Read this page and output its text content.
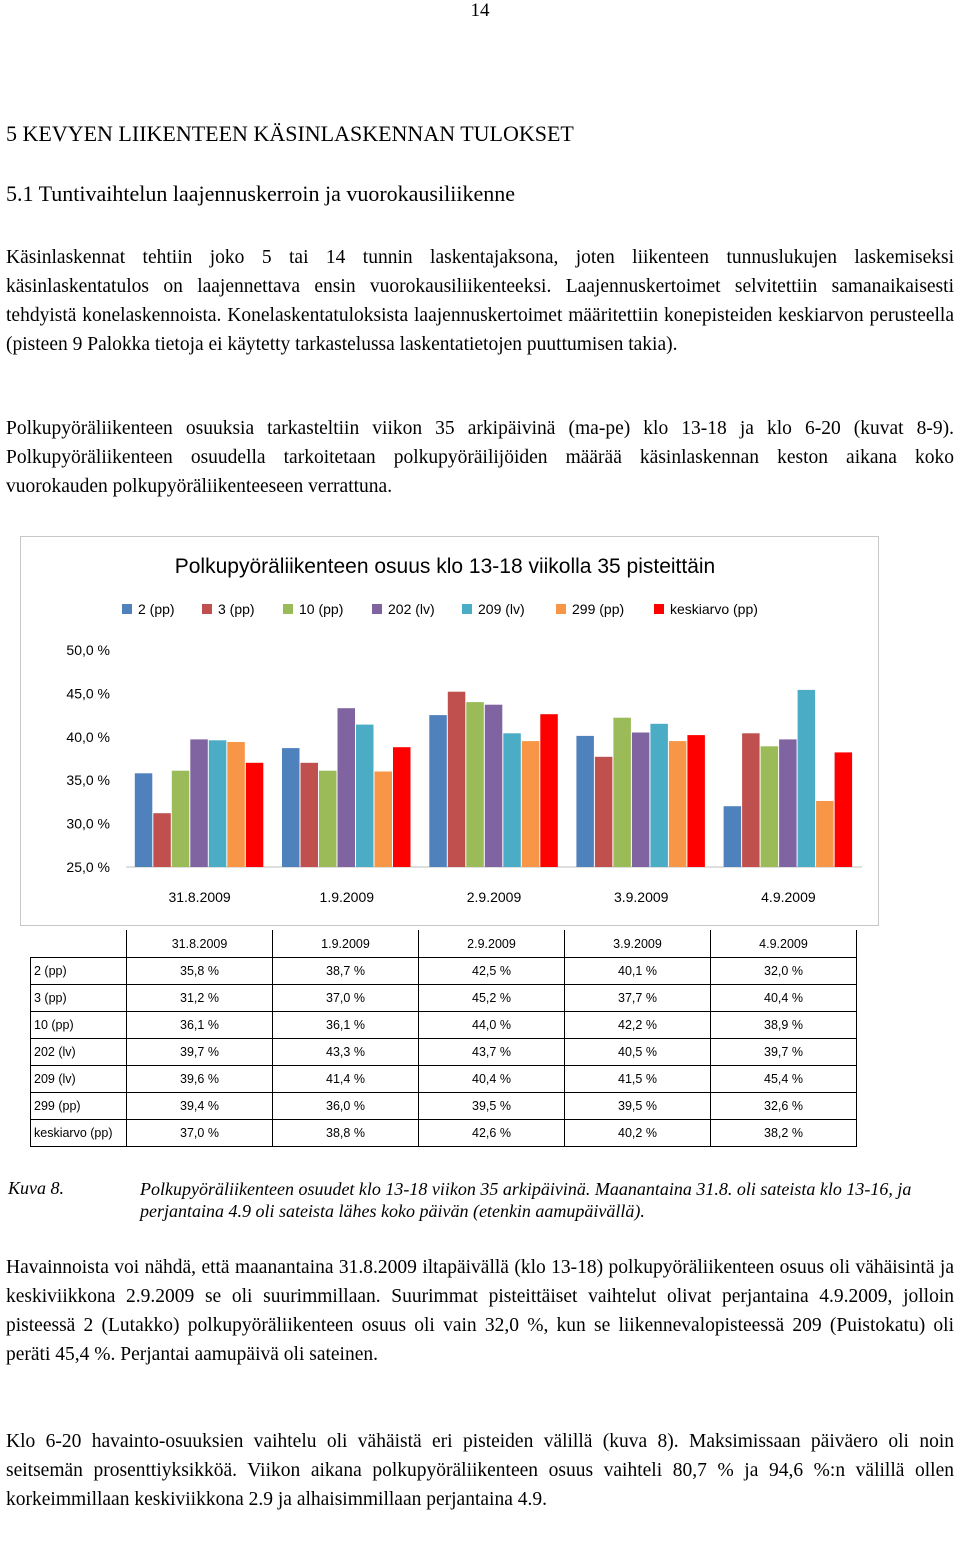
14
5 KEVYEN LIIKENTEEN KÄSINLASKENNAN TULOKSET
5.1 Tuntivaihtelun laajennuskerroin ja vuorokausiliikenne
Käsinlaskennat tehtiin joko 5 tai 14 tunnin laskentajaksona, joten liikenteen tunnuslukujen laskemiseksi käsinlaskentatulos on laajennettava ensin vuorokausiliikenteeksi. Laajennuskertoimet selvitettiin samanaikaisesti tehdyistä konelaskennoista. Konelaskentatuloksista laajennuskertoimet määritettiin konepisteiden keskiarvon perusteella (pisteen 9 Palokka tietoja ei käytetty tarkastelussa laskentatietojen puuttumisen takia).
Polkupyöräliikenteen osuuksia tarkasteltiin viikon 35 arkipäivinä (ma-pe) klo 13-18 ja klo 6-20 (kuvat 8-9). Polkupyöräliikenteen osuudella tarkoitetaan polkupyöräilijöiden määrää käsinlaskennan keston aikana koko vuorokauden polkupyöräliikenteeseen verrattuna.
Polkupyöräliikenteen osuus klo 13-18 viikolla 35 pisteittäin
2 (pp)	3 (pp)	10 (pp)	202 (lv)	209 (lv)	299 (pp)	keskiarvo (pp)
25,0 %
30,0 %
35,0 %
40,0 %
45,0 %
50,0 %
31.8.2009	1.9.2009	2.9.2009	3.9.2009	4.9.2009
	31.8.2009	1.9.2009	2.9.2009	3.9.2009	4.9.2009
2 (pp)	35,8 %	38,7 %	42,5 %	40,1 %	32,0 %
3 (pp)	31,2 %	37,0 %	45,2 %	37,7 %	40,4 %
10 (pp)	36,1 %	36,1 %	44,0 %	42,2 %	38,9 %
202 (lv)	39,7 %	43,3 %	43,7 %	40,5 %	39,7 %
209 (lv)	39,6 %	41,4 %	40,4 %	41,5 %	45,4 %
299 (pp)	39,4 %	36,0 %	39,5 %	39,5 %	32,6 %
keskiarvo (pp)	37,0 %	38,8 %	42,6 %	40,2 %	38,2 %
Kuva 8.	Polkupyöräliikenteen osuudet klo 13-18 viikon 35 arkipäivinä. Maanantaina 31.8. oli sateista klo 13-16, ja perjantaina 4.9 oli sateista lähes koko päivän (etenkin aamupäivällä).
Havainnoista voi nähdä, että maanantaina 31.8.2009 iltapäivällä (klo 13-18) polkupyöräliikenteen osuus oli vähäisintä ja keskiviikkona 2.9.2009 se oli suurimmillaan. Suurimmat pisteittäiset vaihtelut olivat perjantaina 4.9.2009, jolloin pisteessä 2 (Lutakko) polkupyöräliikenteen osuus oli vain 32,0 %, kun se liikennevalopisteessä 209 (Puistokatu) oli peräti 45,4 %. Perjantai aamupäivä oli sateinen.
Klo 6-20 havainto-osuuksien vaihtelu oli vähäistä eri pisteiden välillä (kuva 8). Maksimissaan päiväero oli noin seitsemän prosenttiyksikköä. Viikon aikana polkupyöräliikenteen osuus vaihteli 80,7 % ja 94,6 %:n välillä ollen korkeimmillaan keskiviikkona 2.9 ja alhaisimmillaan perjantaina 4.9.
